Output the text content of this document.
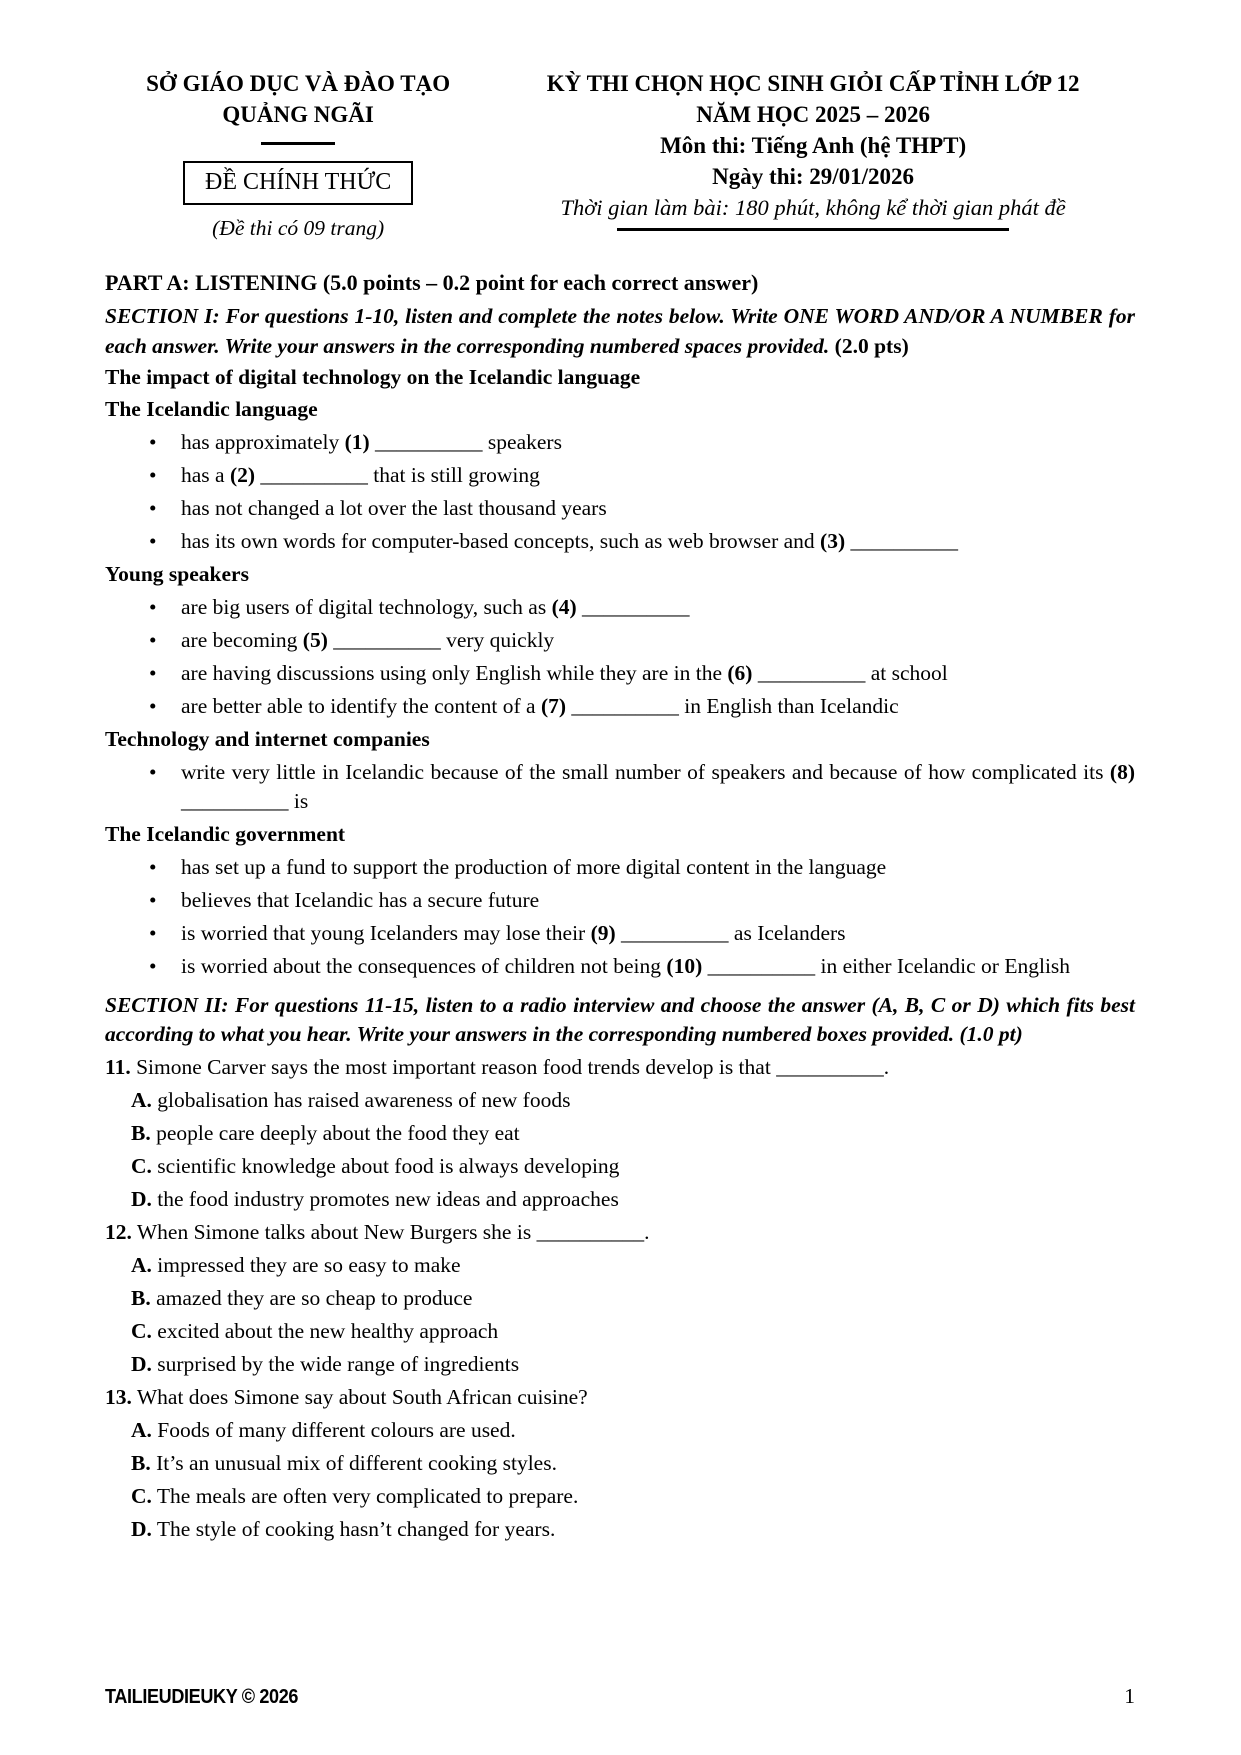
SỞ GIÁO DỤC VÀ ĐÀO TẠO
QUẢNG NGÃI
ĐỀ CHÍNH THỨC
(Đề thi có 09 trang)
KỲ THI CHỌN HỌC SINH GIỎI CẤP TỈNH LỚP 12
NĂM HỌC 2025 – 2026
Môn thi: Tiếng Anh (hệ THPT)
Ngày thi: 29/01/2026
Thời gian làm bài: 180 phút, không kể thời gian phát đề

PART A: LISTENING (5.0 points – 0.2 point for each correct answer)

SECTION I: For questions 1-10, listen and complete the notes below. Write ONE WORD AND/OR A NUMBER for each answer. Write your answers in the corresponding numbered spaces provided. (2.0 pts)

The impact of digital technology on the Icelandic language

The Icelandic language

• has approximately (1) __________ speakers
• has a (2) __________ that is still growing
• has not changed a lot over the last thousand years
• has its own words for computer-based concepts, such as web browser and (3) __________

Young speakers

• are big users of digital technology, such as (4) __________
• are becoming (5) __________ very quickly
• are having discussions using only English while they are in the (6) __________ at school
• are better able to identify the content of a (7) __________ in English than Icelandic

Technology and internet companies

• write very little in Icelandic because of the small number of speakers and because of how complicated its (8) __________ is

The Icelandic government

• has set up a fund to support the production of more digital content in the language
• believes that Icelandic has a secure future
• is worried that young Icelanders may lose their (9) __________ as Icelanders
• is worried about the consequences of children not being (10) __________ in either Icelandic or English

SECTION II: For questions 11-15, listen to a radio interview and choose the answer (A, B, C or D) which fits best according to what you hear. Write your answers in the corresponding numbered boxes provided. (1.0 pt)

11. Simone Carver says the most important reason food trends develop is that __________.

A. globalisation has raised awareness of new foods

B. people care deeply about the food they eat

C. scientific knowledge about food is always developing

D. the food industry promotes new ideas and approaches

12. When Simone talks about New Burgers she is __________.

A. impressed they are so easy to make

B. amazed they are so cheap to produce

C. excited about the new healthy approach

D. surprised by the wide range of ingredients

13. What does Simone say about South African cuisine?

A. Foods of many different colours are used.

B. It’s an unusual mix of different cooking styles.

C. The meals are often very complicated to prepare.

D. The style of cooking hasn’t changed for years.

TAILIEUDIEUKY © 2026	1
